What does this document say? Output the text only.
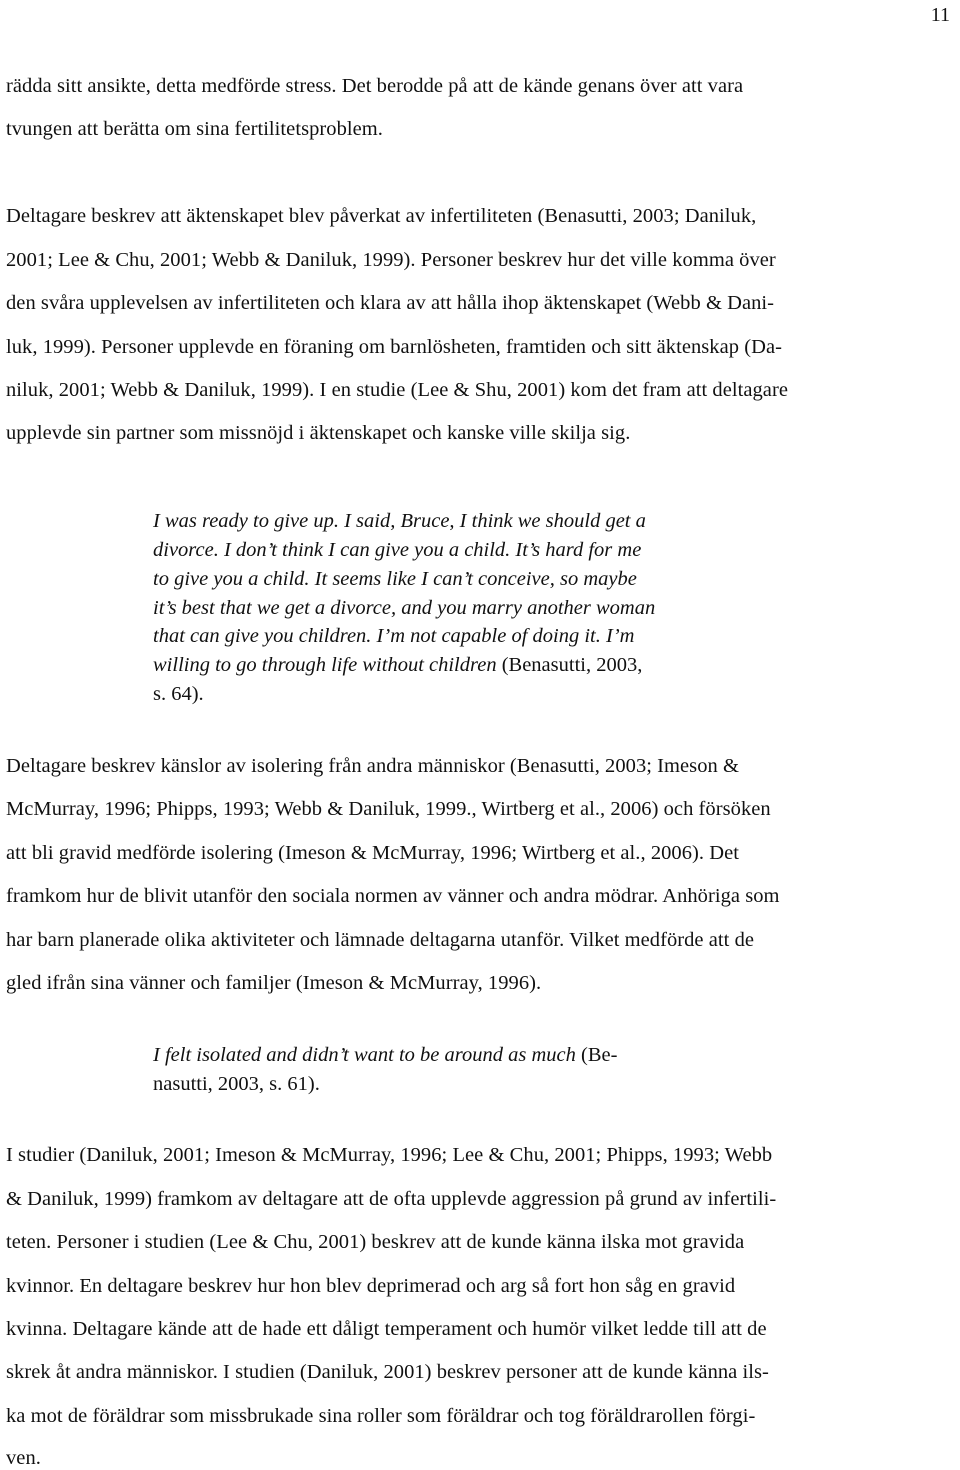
11
rädda sitt ansikte, detta medförde stress. Det berodde på att de kände genans över att vara
tvungen att berätta om sina fertilitetsproblem.
Deltagare beskrev att äktenskapet blev påverkat av infertiliteten (Benasutti, 2003; Daniluk,
2001; Lee & Chu, 2001; Webb & Daniluk, 1999). Personer beskrev hur det ville komma över
den svåra upplevelsen av infertiliteten och klara av att hålla ihop äktenskapet (Webb & Dani-
luk, 1999). Personer upplevde en föraning om barnlösheten, framtiden och sitt äktenskap (Da-
niluk, 2001; Webb & Daniluk, 1999). I en studie (Lee & Shu, 2001) kom det fram att deltagare
upplevde sin partner som missnöjd i äktenskapet och kanske ville skilja sig.
I was ready to give up. I said, Bruce, I think we should get a
divorce. I don’t think I can give you a child. It’s hard for me
to give you a child. It seems like I can’t conceive, so maybe
it’s best that we get a divorce, and you marry another woman
that can give you children. I’m not capable of doing it. I’m
willing to go through life without children (Benasutti, 2003,
s. 64).
Deltagare beskrev känslor av isolering från andra människor (Benasutti, 2003; Imeson &
McMurray, 1996; Phipps, 1993; Webb & Daniluk, 1999., Wirtberg et al., 2006) och försöken
att bli gravid medförde isolering (Imeson & McMurray, 1996; Wirtberg et al., 2006). Det
framkom hur de blivit utanför den sociala normen av vänner och andra mödrar. Anhöriga som
har barn planerade olika aktiviteter och lämnade deltagarna utanför. Vilket medförde att de
gled ifrån sina vänner och familjer (Imeson & McMurray, 1996).
I felt isolated and didn’t want to be around as much (Be-
nasutti, 2003, s. 61).
I studier (Daniluk, 2001; Imeson & McMurray, 1996; Lee & Chu, 2001; Phipps, 1993; Webb
& Daniluk, 1999) framkom av deltagare att de ofta upplevde aggression på grund av infertili-
teten. Personer i studien (Lee & Chu, 2001) beskrev att de kunde känna ilska mot gravida
kvinnor. En deltagare beskrev hur hon blev deprimerad och arg så fort hon såg en gravid
kvinna. Deltagare kände att de hade ett dåligt temperament och humör vilket ledde till att de
skrek åt andra människor. I studien (Daniluk, 2001) beskrev personer att de kunde känna ils-
ka mot de föräldrar som missbrukade sina roller som föräldrar och tog föräldrarollen förgi-
ven.
